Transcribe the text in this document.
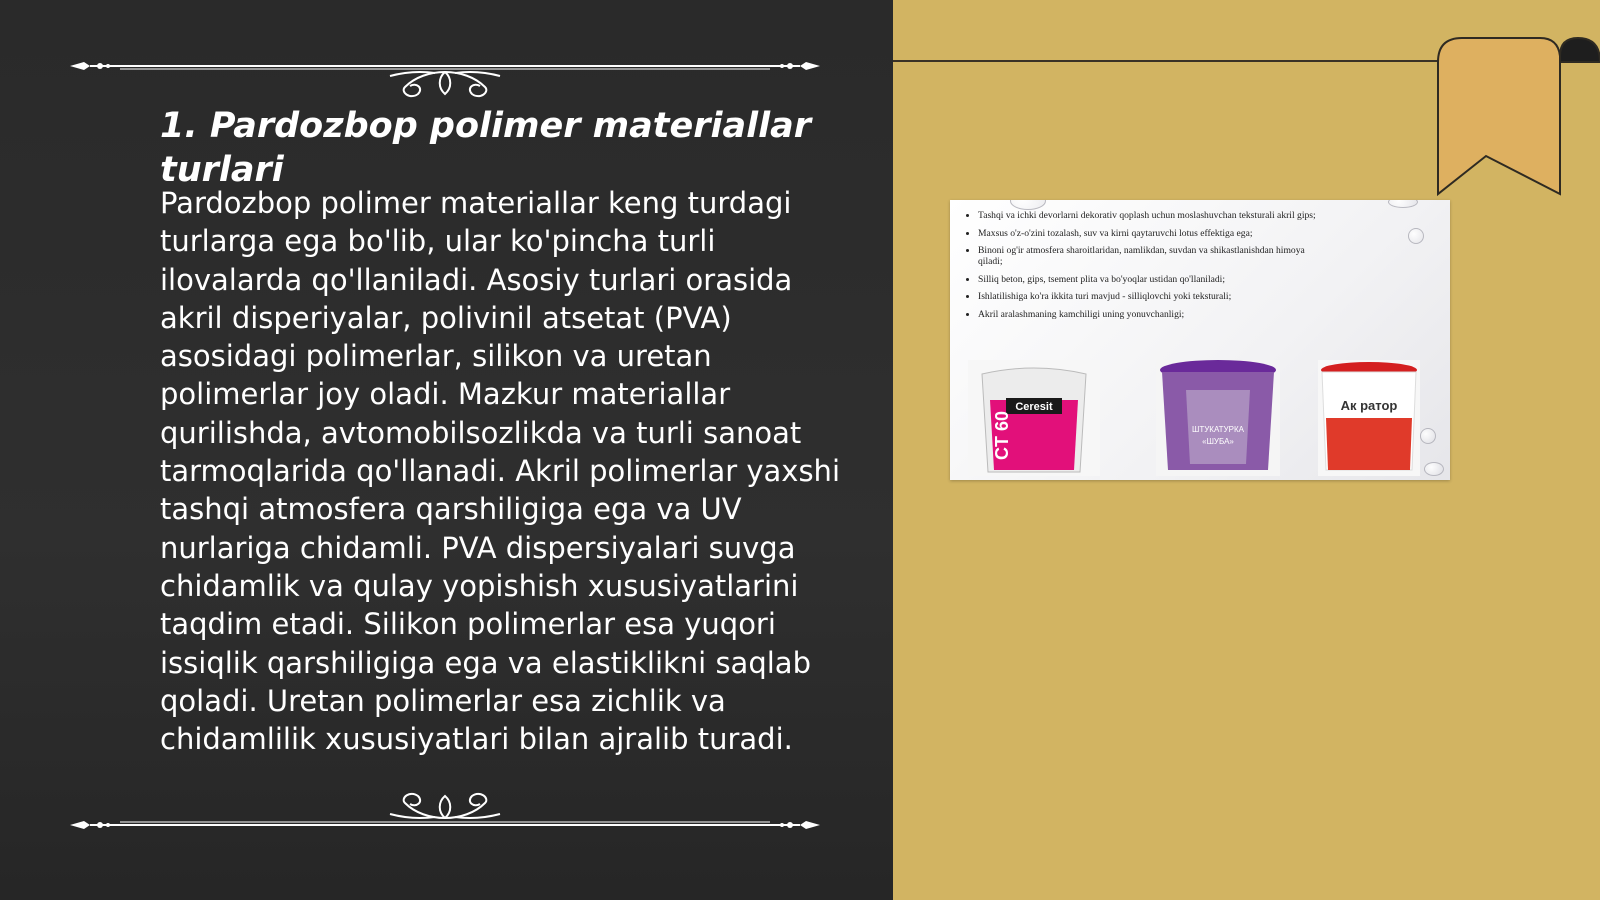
1. Pardozbop polimer materiallar turlari

Pardozbop polimer materiallar keng turdagi turlarga ega bo'lib, ular ko'pincha turli ilovalarda qo'llaniladi. Asosiy turlari orasida akril disperiyalar, polivinil atsetat (PVA) asosidagi polimerlar, silikon va uretan polimerlar joy oladi. Mazkur materiallar qurilishda, avtomobilsozlikda va turli sanoat tarmoqlarida qo'llanadi. Akril polimerlar yaxshi tashqi atmosfera qarshiligiga ega va UV nurlariga chidamli. PVA dispersiyalari suvga chidamlik va qulay yopishish xususiyatlarini taqdim etadi. Silikon polimerlar esa yuqori issiqlik qarshiligiga ega va elastiklikni saqlab qoladi. Uretan polimerlar esa zichlik va chidamlilik xususiyatlari bilan ajralib turadi.

• Tashqi va ichki devorlarni dekorativ qoplash uchun moslashuvchan teksturali akril gips;
• Maxsus o'z-o'zini tozalash, suv va kirni qaytaruvchi lotus effektiga ega;
• Binoni og'ir atmosfera sharoitlaridan, namlikdan, suvdan va shikastlanishdan himoya qiladi;
• Silliq beton, gips, tsement plita va bo'yoqlar ustidan qo'llaniladi;
• Ishlatilishiga ko'ra ikkita turi mavjud - silliqlovchi yoki teksturali;
• Akril aralashmaning kamchiligi uning yonuvchanligi;
Ceresit
CT 60	ШТУКАТУРКА
«ШУБА»
Ак ратор
